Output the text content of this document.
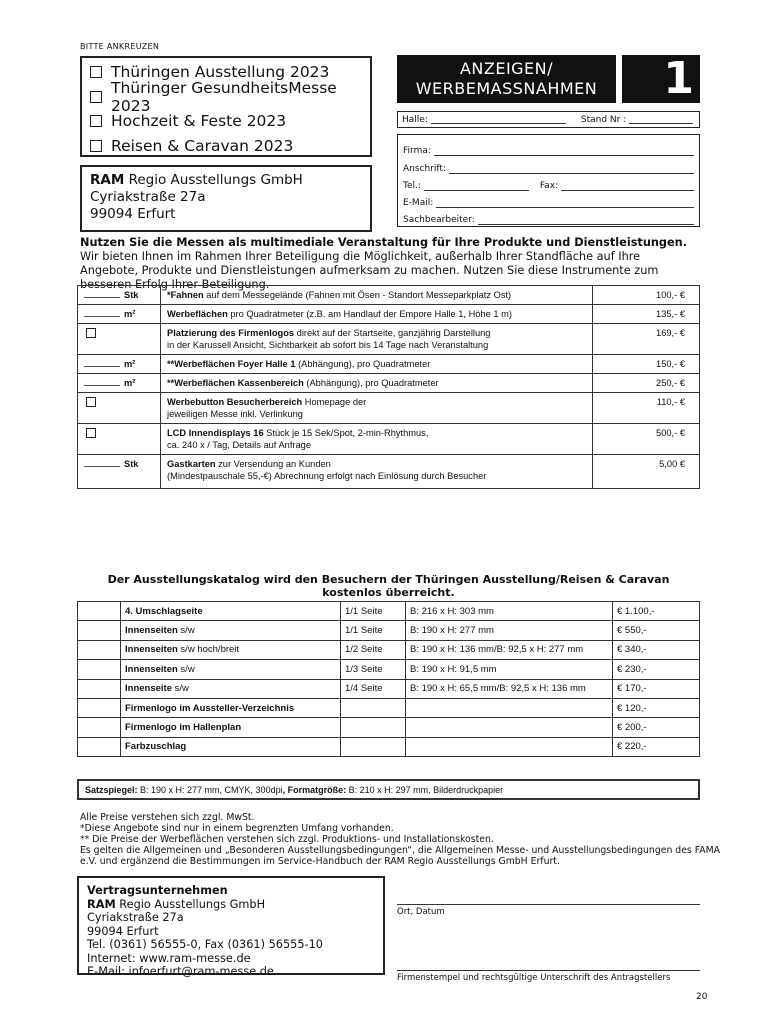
BITTE ANKREUZEN
Thüringen Ausstellung 2023
Thüringer GesundheitsMesse 2023
Hochzeit & Feste 2023
Reisen & Caravan 2023
RAM Regio Ausstellungs GmbH
Cyriakstraße 27a
99094 Erfurt
ANZEIGEN/
WERBEMASSNAHMEN	1
Halle:	Stand Nr :
Firma:
Anschrift:
Tel.:	Fax:
E-Mail:
Sachbearbeiter:
Nutzen Sie die Messen als multimediale Veranstaltung für Ihre Produkte und Dienstleistungen. Wir bieten Ihnen im Rahmen Ihrer Beteiligung die Möglichkeit, außerhalb Ihrer Standfläche auf Ihre Angebote, Produkte und Dienstleistungen aufmerksam zu machen. Nutzen Sie diese Instrumente zum besseren Erfolg Ihrer Beteiligung.
Stk	*Fahnen auf dem Messegelände (Fahnen mit Ösen - Standort Messeparkplatz Ost)	100,- €
m²	Werbeflächen pro Quadratmeter (z.B. am Handlauf der Empore Halle 1, Höhe 1 m)	135,- €

	Platzierung des Firmenlogos direkt auf der Startseite, ganzjährig Darstellung
in der Karussell Ansicht, Sichtbarkeit ab sofort bis 14 Tage nach Veranstaltung	169,- €
m²	**Werbeflächen Foyer Halle 1 (Abhängung), pro Quadratmeter	150,- €
m²	**Werbeflächen Kassenbereich (Abhängung), pro Quadratmeter	250,- €

	Werbebutton Besucherbereich Homepage der
jeweiligen Messe inkl. Verlinkung	110,- €

	LCD Innendisplays 16 Stück je 15 Sek/Spot, 2-min-Rhythmus,
ca. 240 x / Tag, Details auf Anfrage	500,- €
Stk	Gastkarten zur Versendung an Kunden
(Mindestpauschale 55,-€) Abrechnung erfolgt nach Einlösung durch Besucher	5,00 €
Der Ausstellungskatalog wird den Besuchern der Thüringen Ausstellung/Reisen & Caravan kostenlos überreicht.
	4. Umschlagseite	1/1 Seite	B: 216 x H: 303 mm	€ 1.100,-
	Innenseiten s/w	1/1 Seite	B: 190 x H: 277 mm	€ 550,-
	Innenseiten s/w hoch/breit	1/2 Seite	B: 190 x H: 136 mm/B: 92,5 x H: 277 mm	€ 340,-
	Innenseiten s/w	1/3 Seite	B: 190 x H: 91,5 mm	€ 230,-
	Innenseite s/w	1/4 Seite	B: 190 x H: 65,5 mm/B: 92,5 x H: 136 mm	€ 170,-
	Firmenlogo im Aussteller-Verzeichnis			€ 120,-
	Firmenlogo im Hallenplan			€ 200,-
	Farbzuschlag			€ 220,-
Satzspiegel: B: 190 x H: 277 mm, CMYK, 300dpi, Formatgröße: B: 210 x H: 297 mm, Bilderdruckpapier
Alle Preise verstehen sich zzgl. MwSt.
*Diese Angebote sind nur in einem begrenzten Umfang vorhanden.
** Die Preise der Werbeflächen verstehen sich zzgl. Produktions- und Installationskosten.
Es gelten die Allgemeinen und „Besonderen Ausstellungsbedingungen“, die Allgemeinen Messe- und Ausstellungsbedingungen des FAMA e.V. und ergänzend die Bestimmungen im Service-Handbuch der RAM Regio Ausstellungs GmbH Erfurt.
Vertragsunternehmen
RAM Regio Ausstellungs GmbH
Cyriakstraße 27a
99094 Erfurt
Tel. (0361) 56555-0, Fax (0361) 56555-10
Internet: www.ram-messe.de
E-Mail: infoerfurt@ram-messe.de
Ort, Datum
Firmenstempel und rechtsgültige Unterschrift des Antragstellers
20
